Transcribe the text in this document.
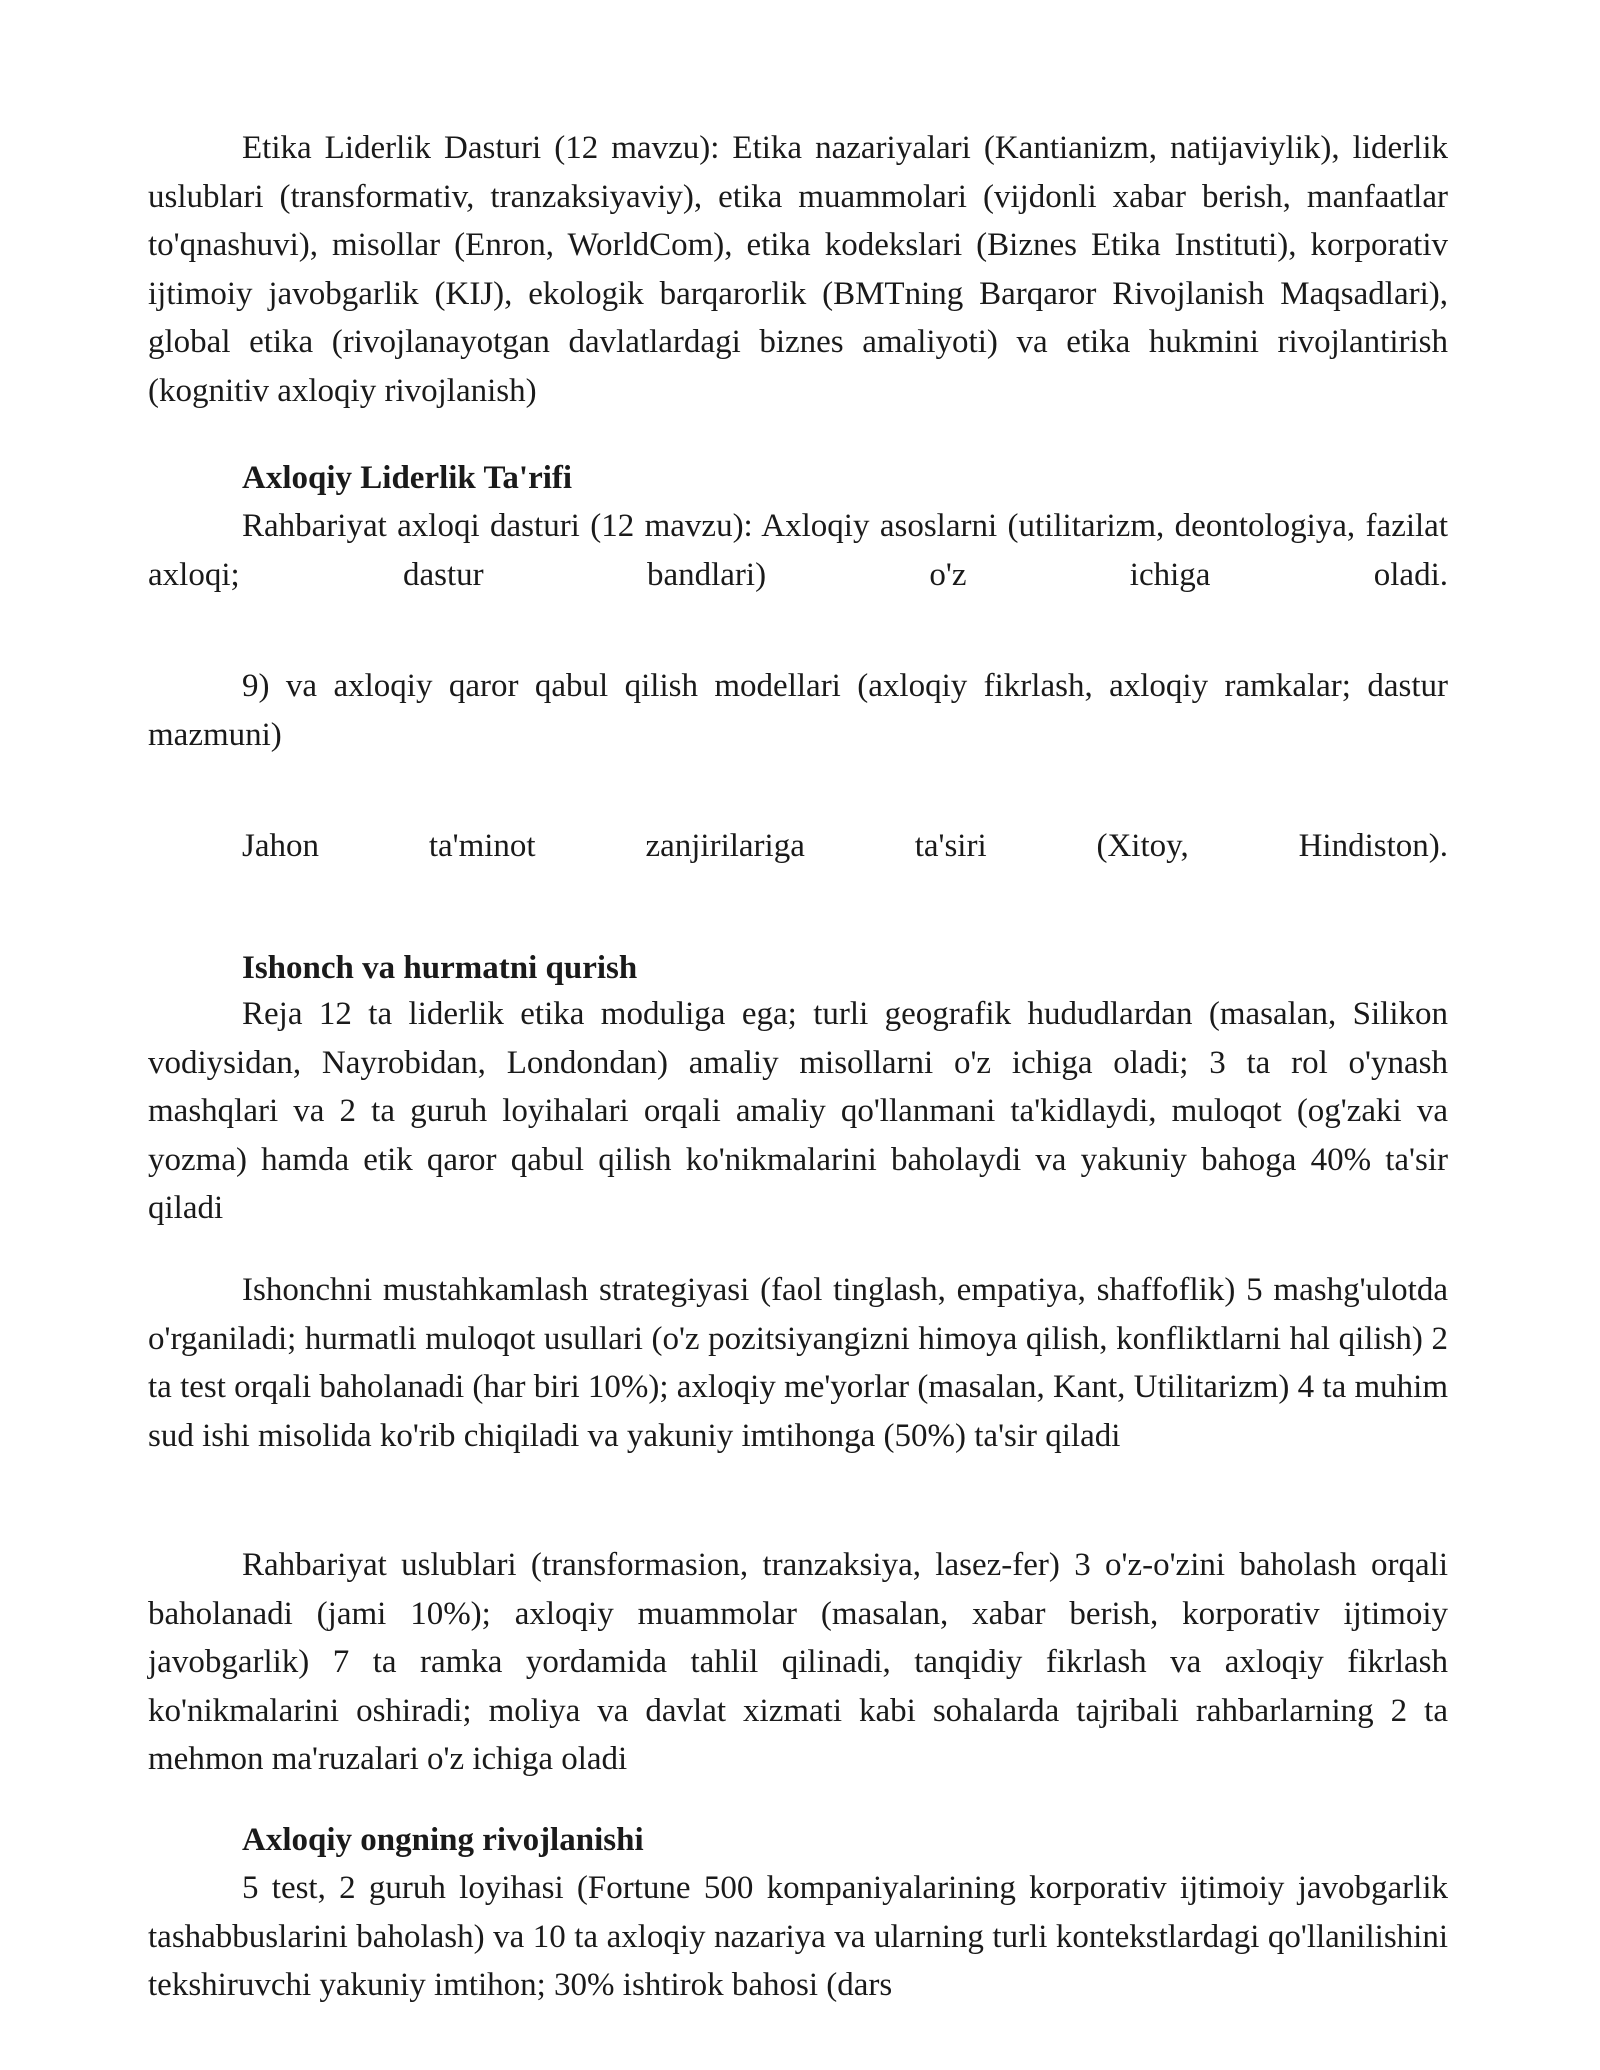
Etika Liderlik Dasturi (12 mavzu): Etika nazariyalari (Kantianizm, natijaviylik), liderlik uslublari (transformativ, tranzaksiyaviy), etika muammolari (vijdonli xabar berish, manfaatlar to'qnashuvi), misollar (Enron, WorldCom), etika kodekslari (Biznes Etika Instituti), korporativ ijtimoiy javobgarlik (KIJ), ekologik barqarorlik (BMTning Barqaror Rivojlanish Maqsadlari), global etika (rivojlanayotgan davlatlardagi biznes amaliyoti) va etika hukmini rivojlantirish (kognitiv axloqiy rivojlanish)

Axloqiy Liderlik Ta'rifi

Rahbariyat axloqi dasturi (12 mavzu): Axloqiy asoslarni (utilitarizm, deontologiya, fazilat axloqi; dastur bandlari) o'z ichiga oladi.

9) va axloqiy qaror qabul qilish modellari (axloqiy fikrlash, axloqiy ramkalar; dastur mazmuni)

Jahon ta'minot zanjirilariga ta'siri (Xitoy, Hindiston).

Ishonch va hurmatni qurish

Reja 12 ta liderlik etika moduliga ega; turli geografik hududlardan (masalan, Silikon vodiysidan, Nayrobidan, Londondan) amaliy misollarni o'z ichiga oladi; 3 ta rol o'ynash mashqlari va 2 ta guruh loyihalari orqali amaliy qo'llanmani ta'kidlaydi, muloqot (og'zaki va yozma) hamda etik qaror qabul qilish ko'nikmalarini baholaydi va yakuniy bahoga 40% ta'sir qiladi

Ishonchni mustahkamlash strategiyasi (faol tinglash, empatiya, shaffoflik) 5 mashg'ulotda o'rganiladi; hurmatli muloqot usullari (o'z pozitsiyangizni himoya qilish, konfliktlarni hal qilish) 2 ta test orqali baholanadi (har biri 10%); axloqiy me'yorlar (masalan, Kant, Utilitarizm) 4 ta muhim sud ishi misolida ko'rib chiqiladi va yakuniy imtihonga (50%) ta'sir qiladi

Rahbariyat uslublari (transformasion, tranzaksiya, lasez-fer) 3 o'z-o'zini baholash orqali baholanadi (jami 10%); axloqiy muammolar (masalan, xabar berish, korporativ ijtimoiy javobgarlik) 7 ta ramka yordamida tahlil qilinadi, tanqidiy fikrlash va axloqiy fikrlash ko'nikmalarini oshiradi; moliya va davlat xizmati kabi sohalarda tajribali rahbarlarning 2 ta mehmon ma'ruzalari o'z ichiga oladi

Axloqiy ongning rivojlanishi

5 test, 2 guruh loyihasi (Fortune 500 kompaniyalarining korporativ ijtimoiy javobgarlik tashabbuslarini baholash) va 10 ta axloqiy nazariya va ularning turli kontekstlardagi qo'llanilishini tekshiruvchi yakuniy imtihon; 30% ishtirok bahosi (dars
